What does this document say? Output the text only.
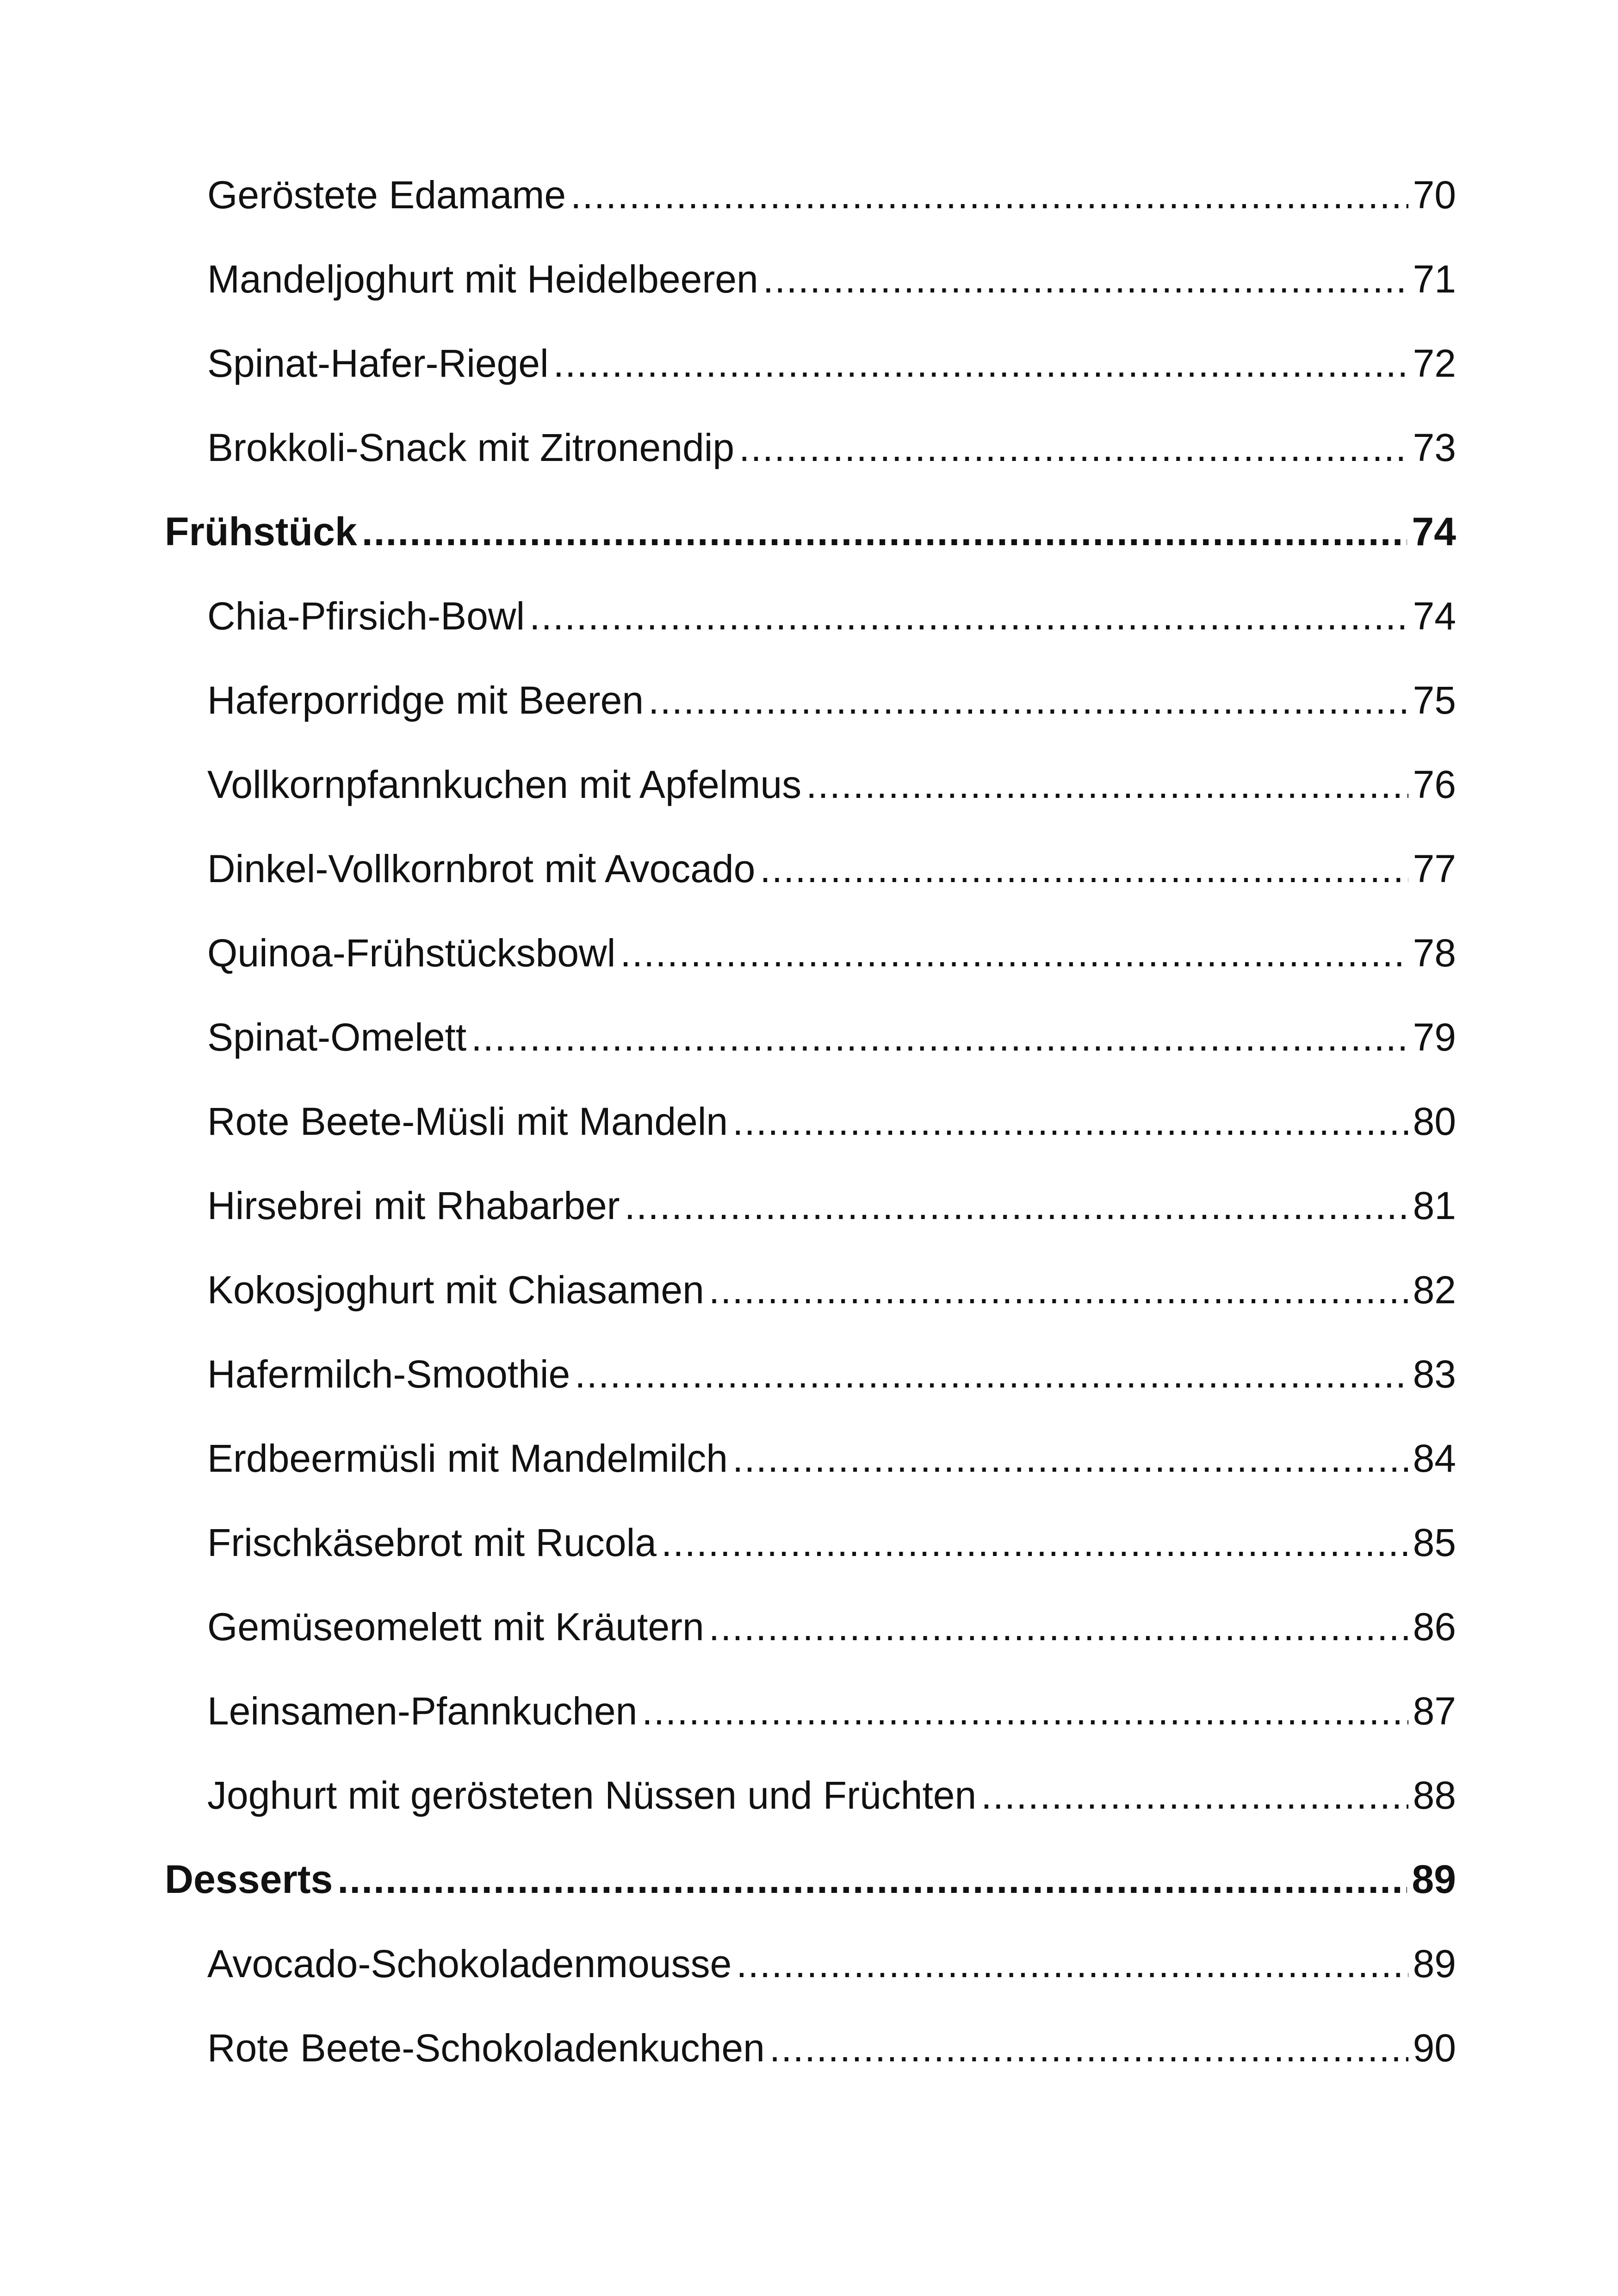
Geröstete Edamame .....	70
Mandeljoghurt mit Heidelbeeren .....	71
Spinat-Hafer-Riegel .....	72
Brokkoli-Snack mit Zitronendip .....	73
Frühstück .....	74
Chia-Pfirsich-Bowl .....	74
Haferporridge mit Beeren .....	75
Vollkornpfannkuchen mit Apfelmus .....	76
Dinkel-Vollkornbrot mit Avocado .....	77
Quinoa-Frühstücksbowl .....	78
Spinat-Omelett .....	79
Rote Beete-Müsli mit Mandeln .....	80
Hirsebrei mit Rhabarber .....	81
Kokosjoghurt mit Chiasamen .....	82
Hafermilch-Smoothie .....	83
Erdbeermüsli mit Mandelmilch .....	84
Frischkäsebrot mit Rucola .....	85
Gemüseomelett mit Kräutern .....	86
Leinsamen-Pfannkuchen .....	87
Joghurt mit gerösteten Nüssen und Früchten .....	88
Desserts .....	89
Avocado-Schokoladenmousse .....	89
Rote Beete-Schokoladenkuchen .....	90
